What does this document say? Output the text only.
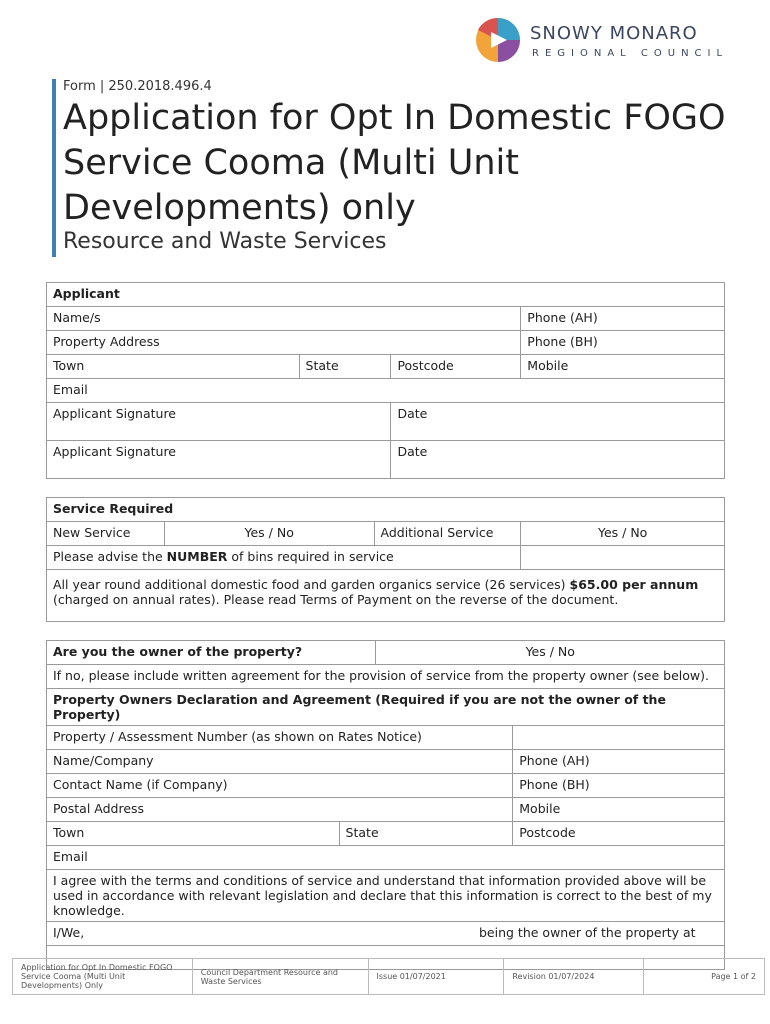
SNOWY MONARO
REGIONAL COUNCIL
Form | 250.2018.496.4
Application for Opt In Domestic FOGO Service Cooma (Multi Unit Developments) only
Resource and Waste Services
Applicant			
Name/s			Phone (AH)
Property Address			Phone (BH)
Town	State	Postcode	Mobile
Email			
Applicant Signature		Date	
Applicant Signature		Date	
Service Required			
New Service	Yes / No	Additional Service	Yes / No
Please advise the NUMBER of bins required in service			
All year round additional domestic food and garden organics service (26 services) $65.00 per annum (charged on annual rates). Please read Terms of Payment on the reverse of the document.			
Are you the owner of the property?		Yes / No	
If no, please include written agreement for the provision of service from the property owner (see below).			
Property Owners Declaration and Agreement (Required if you are not the owner of the Property)			
Property / Assessment Number (as shown on Rates Notice)			
Name/Company			Phone (AH)
Contact Name (if Company)			Phone (BH)
Postal Address			Mobile
Town	State		Postcode
Email			
I agree with the terms and conditions of service and understand that information provided above will be used in accordance with relevant legislation and declare that this information is correct to the best of my knowledge.			
I/We, being the owner of the property at			

Application for Opt In Domestic FOGO Service Cooma (Multi Unit Developments) Only	Council Department Resource and Waste Services	Issue 01/07/2021	Revision 01/07/2024	Page 1 of 2
